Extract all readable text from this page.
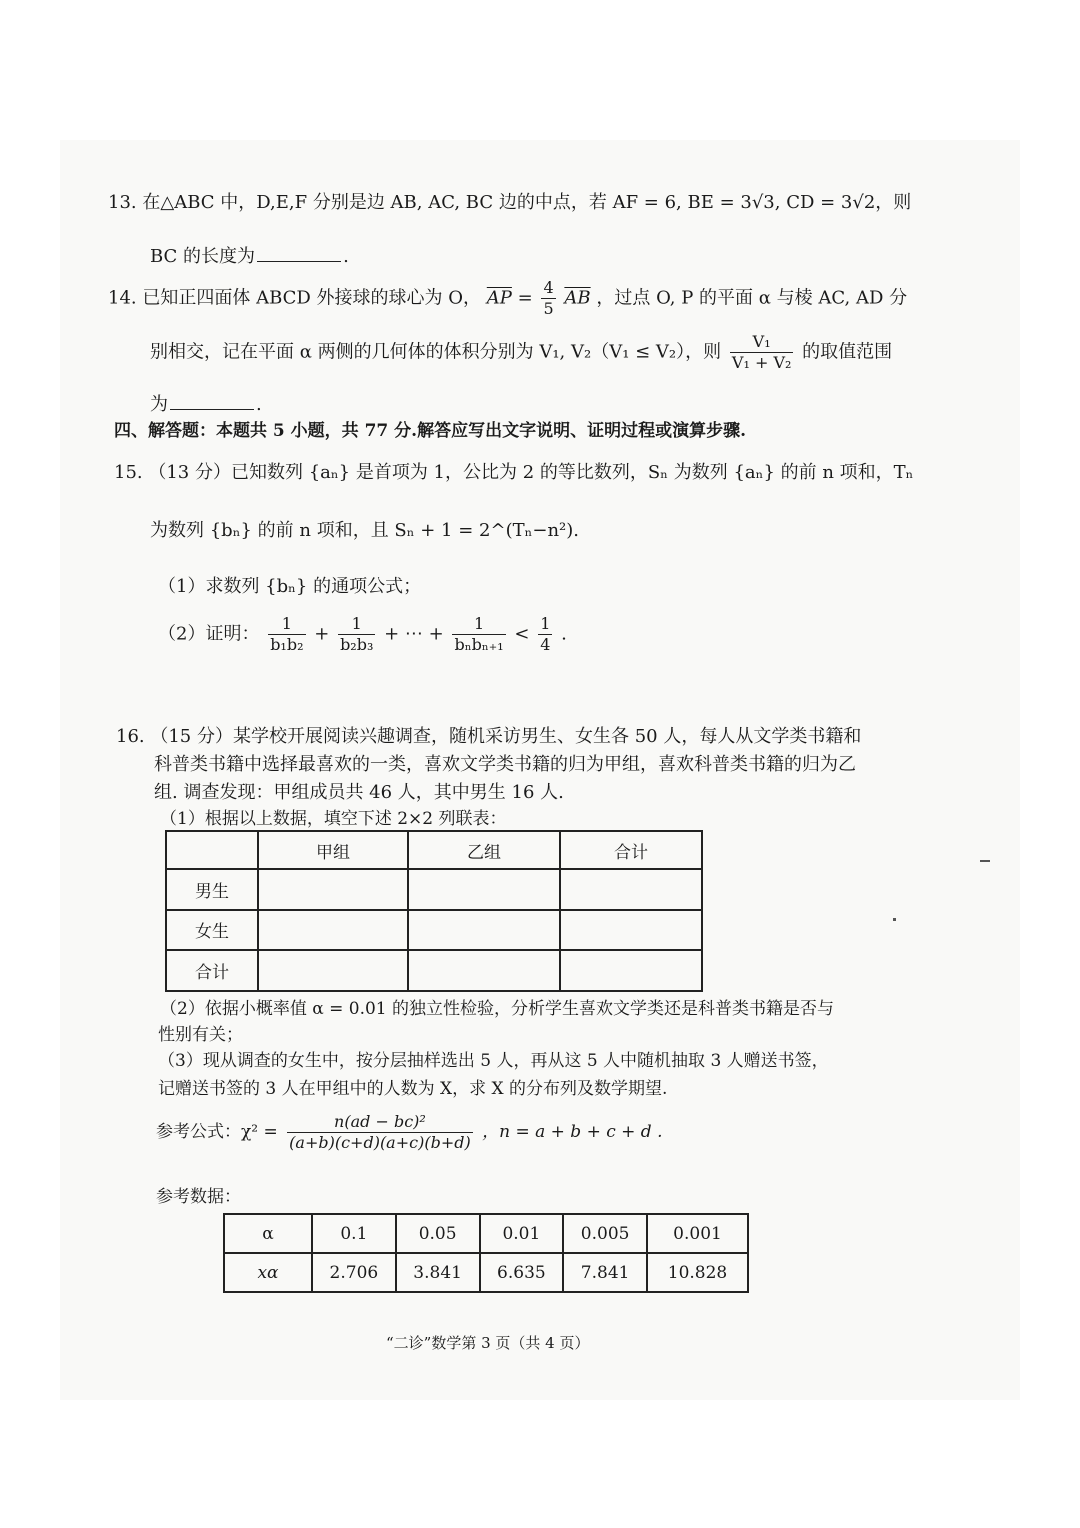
13. 在△ABC 中，D,E,F 分别是边 AB, AC, BC 边的中点，若 AF = 6, BE = 3√3, CD = 3√2，则
BC 的长度为	.
14. 已知正四面体 ABCD 外接球的球心为 O， $\overline{AP} = \frac{4}{5} \overline{AB}$ ，过点 O, P 的平面 α 与棱 AC, AD 分
别相交，记在平面 α 两侧的几何体的体积分别为 V₁, V₂（V₁ ≤ V₂），则 $\frac{\text{V₁}}{\text{V₁ + V₂}}$ 的取值范围
为	.
四、解答题：本题共 5 小题，共 77 分.解答应写出文字说明、证明过程或演算步骤.
15. （13 分）已知数列 {aₙ} 是首项为 1，公比为 2 的等比数列，Sₙ 为数列 {aₙ} 的前 n 项和，Tₙ
为数列 {bₙ} 的前 n 项和，且 Sₙ + 1 = 2^(Tₙ−n²).
（1）求数列 {bₙ} 的通项公式；
（2）证明： $\frac{1}{\text{b₁b₂}} + \frac{1}{\text{b₂b₃}}$ + ⋯ + $\frac{1}{\text{bₙbₙ₊₁}} < \frac{1}{4}$ .
16. （15 分）某学校开展阅读兴趣调查，随机采访男生、女生各 50 人，每人从文学类书籍和
科普类书籍中选择最喜欢的一类，喜欢文学类书籍的归为甲组，喜欢科普类书籍的归为乙
组. 调查发现：甲组成员共 46 人，其中男生 16 人.
（1）根据以上数据，填空下述 2×2 列联表：
	甲组	乙组	合计
男生			
女生			
合计			
（2）依据小概率值 α = 0.01 的独立性检验，分析学生喜欢文学类还是科普类书籍是否与
性别有关；
（3）现从调查的女生中，按分层抽样选出 5 人，再从这 5 人中随机抽取 3 人赠送书签，
记赠送书签的 3 人在甲组中的人数为 X，求 X 的分布列及数学期望.
参考公式：$\chi^2 = \frac{\text{n(ad − bc)²}}{(a+b)(c+d)(a+c)(b+d)}$ ，n = a + b + c + d .
参考数据：
α	0.1	0.05	0.01	0.005	0.001
xα	2.706	3.841	6.635	7.841	10.828
“二诊”数学第 3 页（共 4 页）
